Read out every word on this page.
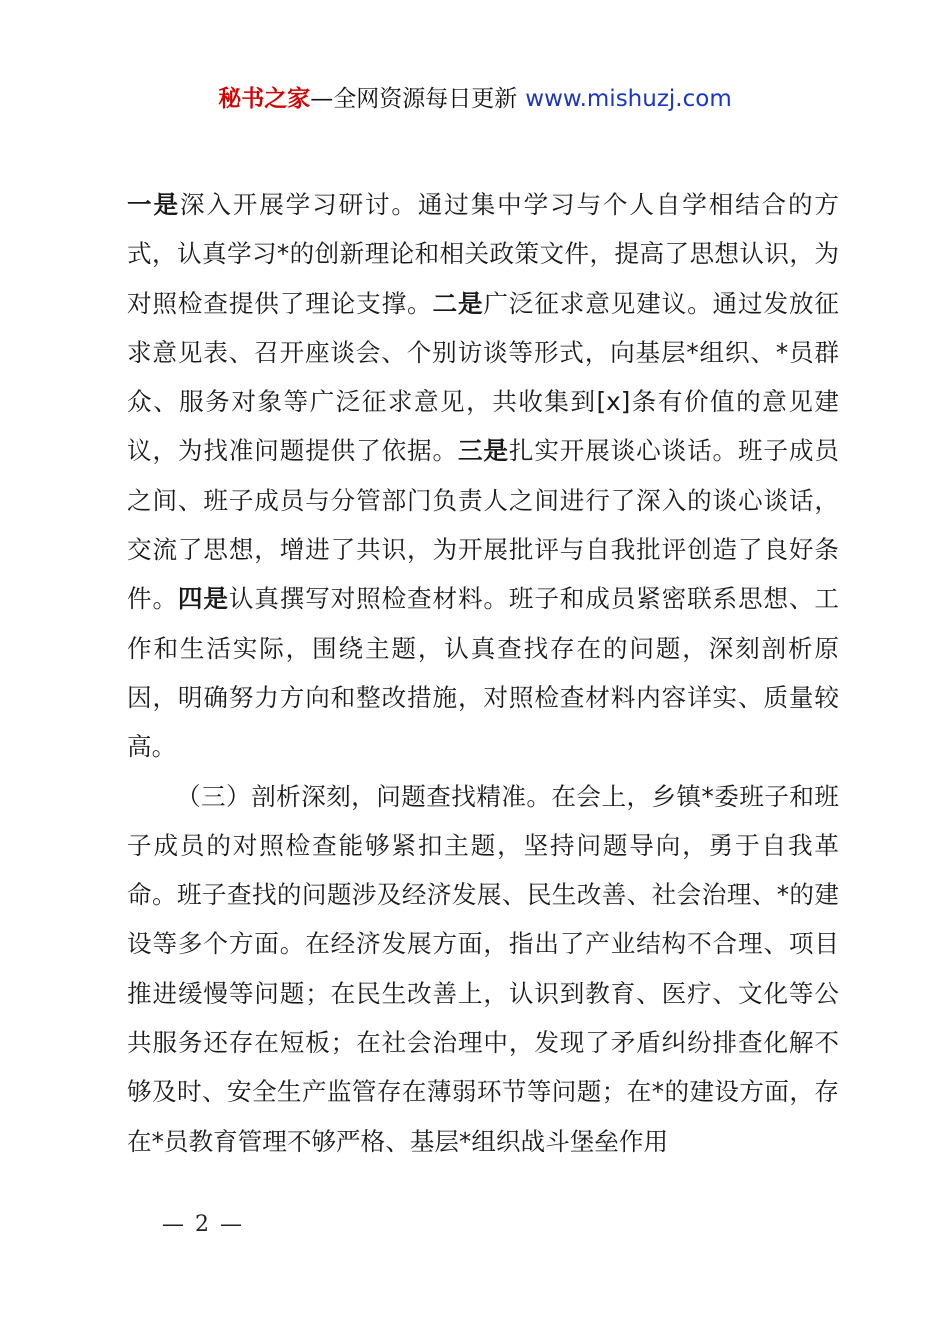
秘书之家—全网资源每日更新 www.mishuzj.com

一是深入开展学习研讨。通过集中学习与个人自学相结合的方式，认真学习*的创新理论和相关政策文件，提高了思想认识，为对照检查提供了理论支撑。二是广泛征求意见建议。通过发放征求意见表、召开座谈会、个别访谈等形式，向基层*组织、*员群众、服务对象等广泛征求意见，共收集到[x]条有价值的意见建议，为找准问题提供了依据。三是扎实开展谈心谈话。班子成员之间、班子成员与分管部门负责人之间进行了深入的谈心谈话，交流了思想，增进了共识，为开展批评与自我批评创造了良好条件。四是认真撰写对照检查材料。班子和成员紧密联系思想、工作和生活实际，围绕主题，认真查找存在的问题，深刻剖析原因，明确努力方向和整改措施，对照检查材料内容详实、质量较高。

（三）剖析深刻，问题查找精准。在会上，乡镇*委班子和班子成员的对照检查能够紧扣主题，坚持问题导向，勇于自我革命。班子查找的问题涉及经济发展、民生改善、社会治理、*的建设等多个方面。在经济发展方面，指出了产业结构不合理、项目推进缓慢等问题；在民生改善上，认识到教育、医疗、文化等公共服务还存在短板；在社会治理中，发现了矛盾纠纷排查化解不够及时、安全生产监管存在薄弱环节等问题；在*的建设方面，存在*员教育管理不够严格、基层*组织战斗堡垒作用

— 2 —
